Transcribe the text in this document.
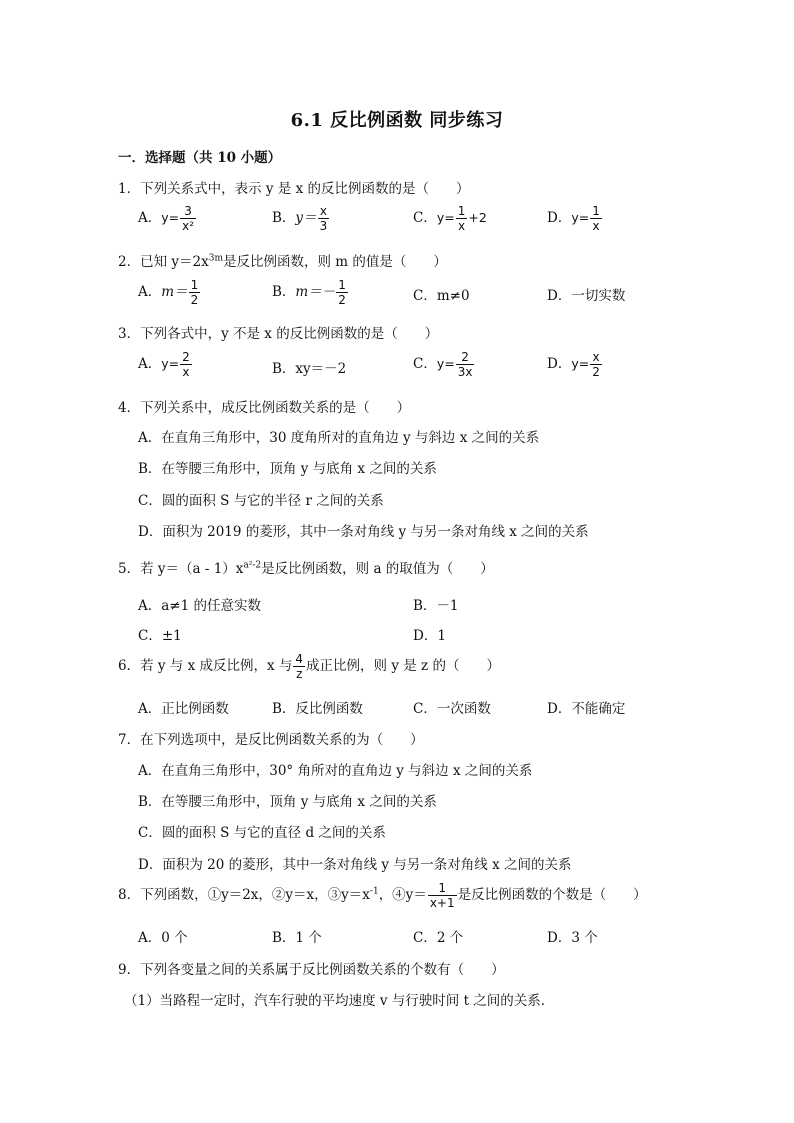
6.1 反比例函数 同步练习
一．选择题（共 10 小题）
1．下列关系式中，表示 y 是 x 的反比例函数的是（　　）
A．$y= \frac{3}{\text{x²}}$	B．$y= \frac{x}{3}$	C．$y= \frac{1}{x} +2$	D．$y= \frac{1}{x}$
2．已知 $y=2x^{3m}$是反比例函数，则 m 的值是（　　）
A．$m= \frac{1}{2}$	B．$m=- \frac{1}{2}$	C．m≠0	D．一切实数
3．下列各式中，y 不是 x 的反比例函数的是（　　）
A．$y= \frac{2}{x}$	B．xy＝－2	C．$y= \frac{2}{3x}$	D．$y= \frac{x}{2}$
4．下列关系中，成反比例函数关系的是（　　）
A．在直角三角形中，30 度角所对的直角边 y 与斜边 x 之间的关系
B．在等腰三角形中，顶角 y 与底角 x 之间的关系
C．圆的面积 S 与它的半径 r 之间的关系
D．面积为 2019 的菱形，其中一条对角线 y 与另一条对角线 x 之间的关系
5．若 $y=(a - 1)x^{a^2-2}$是反比例函数，则 a 的取值为（　　）
A．a≠1 的任意实数	B．－1
C．±1	D．1
6．若 y 与 x 成反比例，x 与 $\frac{4}{z}$ 成正比例，则 y 是 z 的（　　）
A．正比例函数	B．反比例函数	C．一次函数	D．不能确定
7．在下列选项中，是反比例函数关系的为（　　）
A．在直角三角形中，30° 角所对的直角边 y 与斜边 x 之间的关系
B．在等腰三角形中，顶角 y 与底角 x 之间的关系
C．圆的面积 S 与它的直径 d 之间的关系
D．面积为 20 的菱形，其中一条对角线 y 与另一条对角线 x 之间的关系
8．下列函数，①y＝2x，②y＝x，$③y=x^{-1}$，④y＝ $\frac{1}{x+1}$ 是反比例函数的个数是（　　）
A．0 个	B．1 个	C．2 个	D．3 个
9．下列各变量之间的关系属于反比例函数关系的个数有（　　）
（1）当路程一定时，汽车行驶的平均速度 v 与行驶时间 t 之间的关系．
